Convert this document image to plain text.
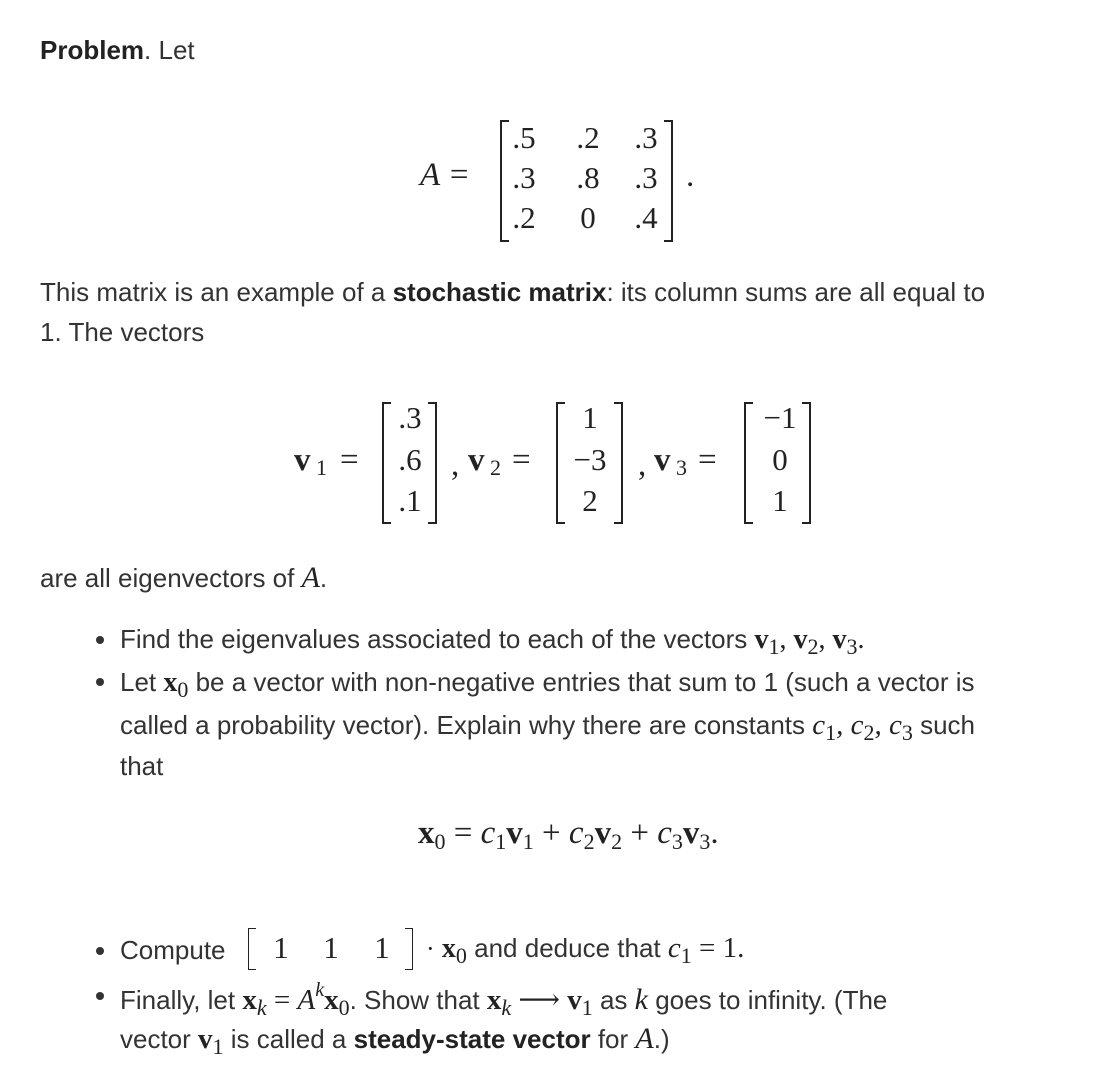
Problem. Let
A =
.5	.2	.3
.3	.8	.3
.2	0	.4
.
This matrix is an example of a stochastic matrix: its column sums are all equal to
1. The vectors
v 1 =
.3
.6
.1
, v 2 =
1
−3
2
, v 3 =
−1
0
1
are all eigenvectors of A.
Find the eigenvalues associated to each of the vectors $v_1$, $v_2$, $v_3$.
Let $x_0$ be a vector with non-negative entries that sum to 1 (such a vector is
called a probability vector). Explain why there are constants $c_1$, $c_2$, $c_3$ such
that
$x_0 = c_1v_1 + c_2v_2 + c_3v_3$.
Compute	1	1	1	· $x_0$ and deduce that $c_1 = 1$.
Finally, let $x_k = A^kx_0$. Show that $x_k$ ⟶ $v_1$ as k goes to infinity. (The
vector $v_1$ is called a steady-state vector for A.)
